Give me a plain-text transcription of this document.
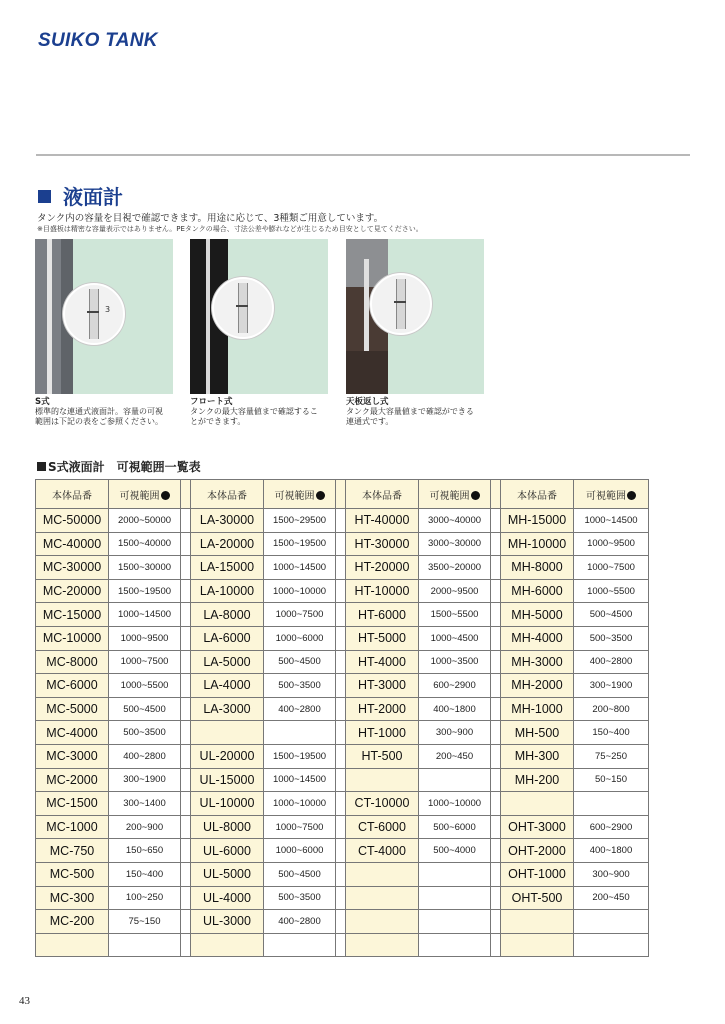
SUIKO TANK
液面計
タンク内の容量を目視で確認できます。用途に応じて、3種類ご用意しています。
※目盛板は精密な容量表示ではありません。PEタンクの場合、寸法公差や膨れなどが生じるため目安として見てください。
3
S式
標準的な連通式液面計。容量の可視
範囲は下記の表をご参照ください。
フロート式
タンクの最大容量値まで確認するこ
とができます。
天板返し式
タンク最大容量値まで確認ができる
連通式です。
S式液面計　可視範囲一覧表
本体品番	可視範囲		本体品番	可視範囲		本体品番	可視範囲		本体品番	可視範囲
MC-50000	2000~50000		LA-30000	1500~29500		HT-40000	3000~40000		MH-15000	1000~14500
MC-40000	1500~40000		LA-20000	1500~19500		HT-30000	3000~30000		MH-10000	1000~9500
MC-30000	1500~30000		LA-15000	1000~14500		HT-20000	3500~20000		MH-8000	1000~7500
MC-20000	1500~19500		LA-10000	1000~10000		HT-10000	2000~9500		MH-6000	1000~5500
MC-15000	1000~14500		LA-8000	1000~7500		HT-6000	1500~5500		MH-5000	500~4500
MC-10000	1000~9500		LA-6000	1000~6000		HT-5000	1000~4500		MH-4000	500~3500
MC-8000	1000~7500		LA-5000	500~4500		HT-4000	1000~3500		MH-3000	400~2800
MC-6000	1000~5500		LA-4000	500~3500		HT-3000	600~2900		MH-2000	300~1900
MC-5000	500~4500		LA-3000	400~2800		HT-2000	400~1800		MH-1000	200~800
MC-4000	500~3500					HT-1000	300~900		MH-500	150~400
MC-3000	400~2800		UL-20000	1500~19500		HT-500	200~450		MH-300	75~250
MC-2000	300~1900		UL-15000	1000~14500					MH-200	50~150
MC-1500	300~1400		UL-10000	1000~10000		CT-10000	1000~10000			
MC-1000	200~900		UL-8000	1000~7500		CT-6000	500~6000		OHT-3000	600~2900
MC-750	150~650		UL-6000	1000~6000		CT-4000	500~4000		OHT-2000	400~1800
MC-500	150~400		UL-5000	500~4500					OHT-1000	300~900
MC-300	100~250		UL-4000	500~3500					OHT-500	200~450
MC-200	75~150		UL-3000	400~2800						

43
